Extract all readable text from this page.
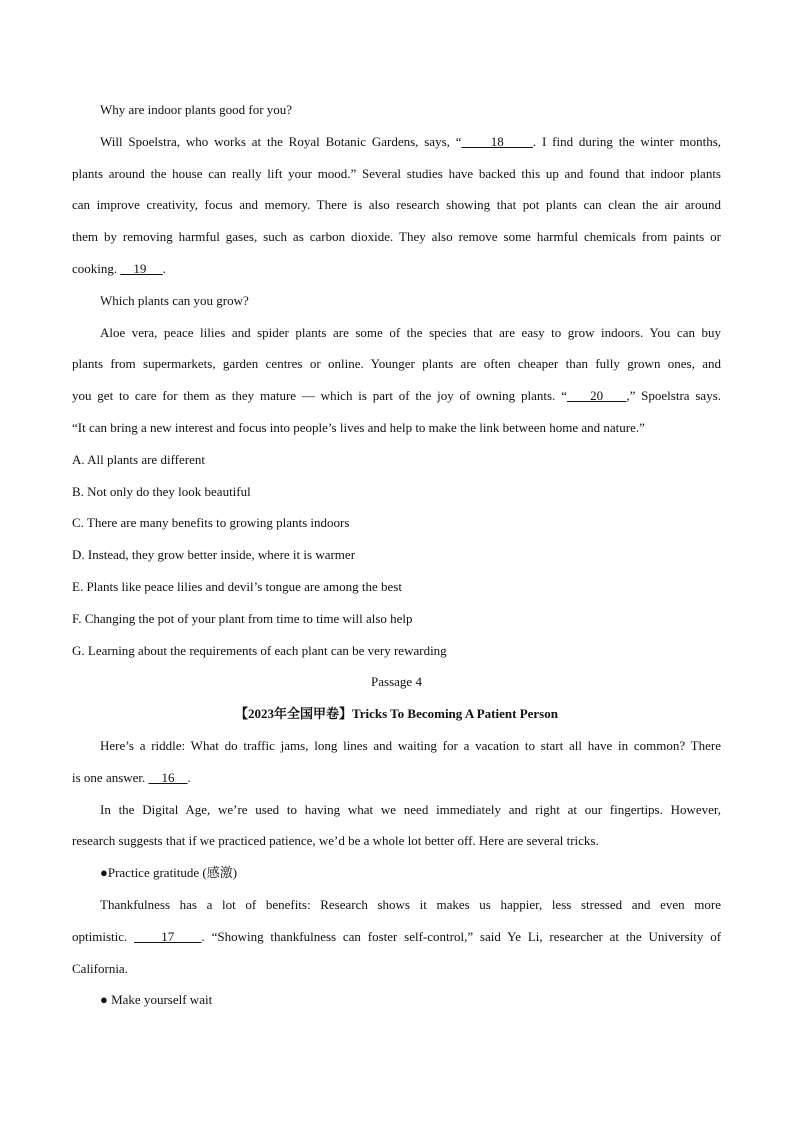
Why are indoor plants good for you?

Will Spoelstra, who works at the Royal Botanic Gardens, says, “     18     . I find during the winter months,

plants around the house can really lift your mood.” Several studies have backed this up and found that indoor plants

can improve creativity, focus and memory. There is also research showing that pot plants can clean the air around

them by removing harmful gases, such as carbon dioxide. They also remove some harmful chemicals from paints or

cooking.     19     .

Which plants can you grow?

Aloe vera, peace lilies and spider plants are some of the species that are easy to grow indoors. You can buy

plants from supermarkets, garden centres or online. Younger plants are often cheaper than fully grown ones, and

you get to care for them as they mature — which is part of the joy of owning plants. “    20    ,” Spoelstra says.

“It can bring a new interest and focus into people’s lives and help to make the link between home and nature.”

A. All plants are different

B. Not only do they look beautiful

C. There are many benefits to growing plants indoors

D. Instead, they grow better inside, where it is warmer

E. Plants like peace lilies and devil’s tongue are among the best

F. Changing the pot of your plant from time to time will also help

G. Learning about the requirements of each plant can be very rewarding

Passage 4

【2023年全国甲卷】Tricks To Becoming A Patient Person

Here’s a riddle: What do traffic jams, long lines and waiting for a vacation to start all have in common? There

is one answer.     16    .

In the Digital Age, we’re used to having what we need immediately and right at our fingertips. However,

research suggests that if we practiced patience, we’d be a whole lot better off. Here are several tricks.

●Practice gratitude (感激)

Thankfulness has a lot of benefits: Research shows it makes us happier, less stressed and even more

optimistic.     17    . “Showing thankfulness can foster self-control,” said Ye Li, researcher at the University of

California.

● Make yourself wait
